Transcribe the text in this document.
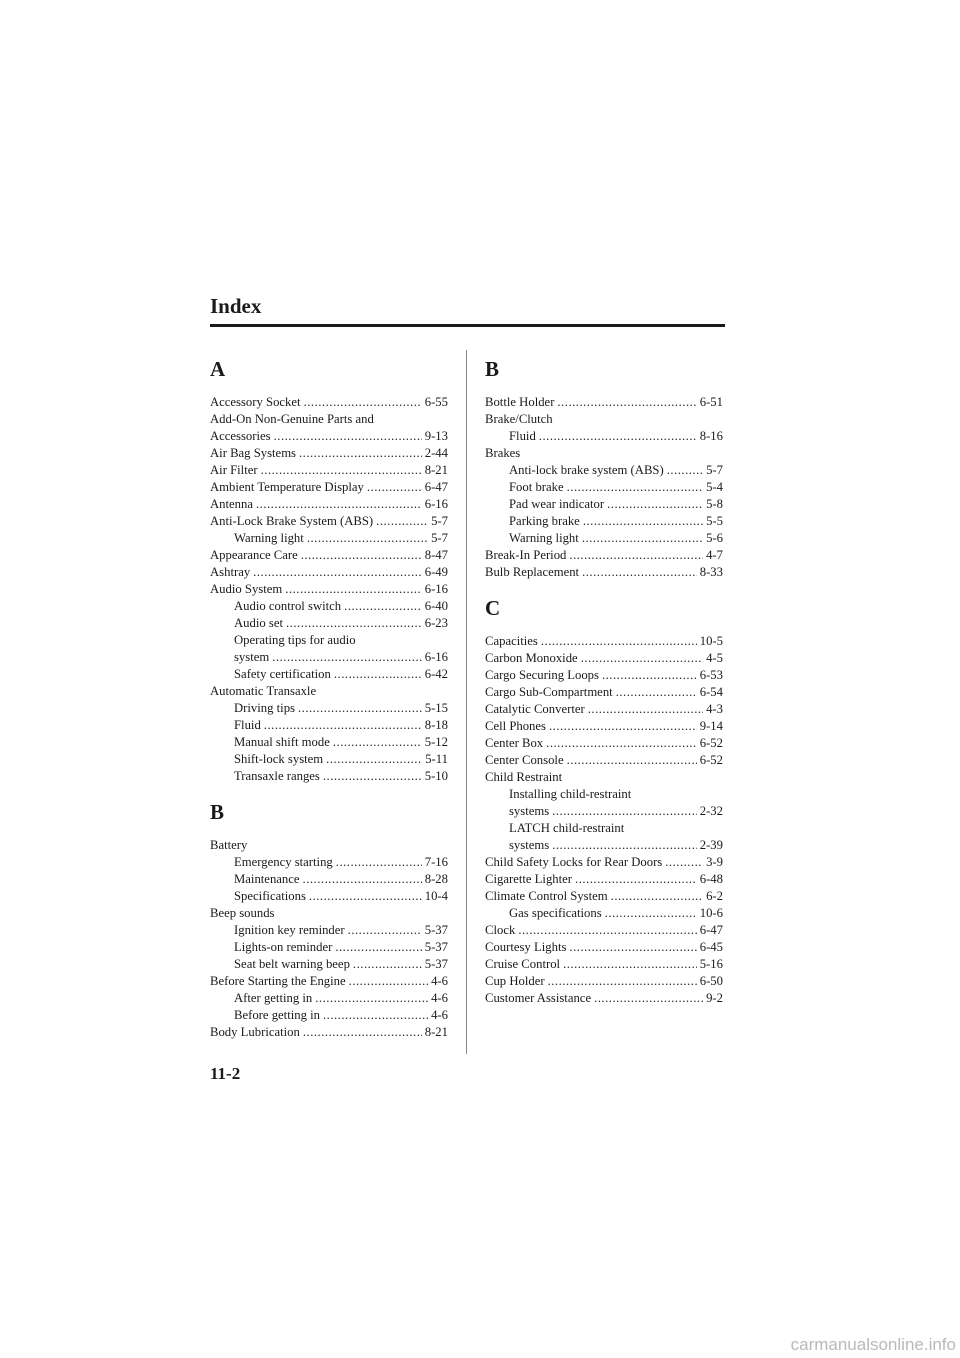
Index
A
Accessory Socket .....	6-55
Add-On Non-Genuine Parts and
Accessories .....	9-13
Air Bag Systems .....	2-44
Air Filter .....	8-21
Ambient Temperature Display .....	6-47
Antenna .....	6-16
Anti-Lock Brake System (ABS) .....	5-7
Warning light .....	5-7
Appearance Care .....	8-47
Ashtray .....	6-49
Audio System .....	6-16
Audio control switch .....	6-40
Audio set .....	6-23
Operating tips for audio
system .....	6-16
Safety certification .....	6-42
Automatic Transaxle
Driving tips .....	5-15
Fluid .....	8-18
Manual shift mode .....	5-12
Shift-lock system .....	5-11
Transaxle ranges .....	5-10
B
Battery
Emergency starting .....	7-16
Maintenance .....	8-28
Specifications .....	10-4
Beep sounds
Ignition key reminder .....	5-37
Lights-on reminder .....	5-37
Seat belt warning beep .....	5-37
Before Starting the Engine .....	4-6
After getting in .....	4-6
Before getting in .....	4-6
Body Lubrication .....	8-21
B
Bottle Holder .....	6-51
Brake/Clutch
Fluid .....	8-16
Brakes
Anti-lock brake system (ABS) .....	5-7
Foot brake .....	5-4
Pad wear indicator .....	5-8
Parking brake .....	5-5
Warning light .....	5-6
Break-In Period .....	4-7
Bulb Replacement .....	8-33
C
Capacities .....	10-5
Carbon Monoxide .....	4-5
Cargo Securing Loops .....	6-53
Cargo Sub-Compartment .....	6-54
Catalytic Converter .....	4-3
Cell Phones .....	9-14
Center Box .....	6-52
Center Console .....	6-52
Child Restraint
Installing child-restraint
systems .....	2-32
LATCH child-restraint
systems .....	2-39
Child Safety Locks for Rear Doors .....	3-9
Cigarette Lighter .....	6-48
Climate Control System .....	6-2
Gas specifications .....	10-6
Clock .....	6-47
Courtesy Lights .....	6-45
Cruise Control .....	5-16
Cup Holder .....	6-50
Customer Assistance .....	9-2
11-2
carmanualsonline.info
